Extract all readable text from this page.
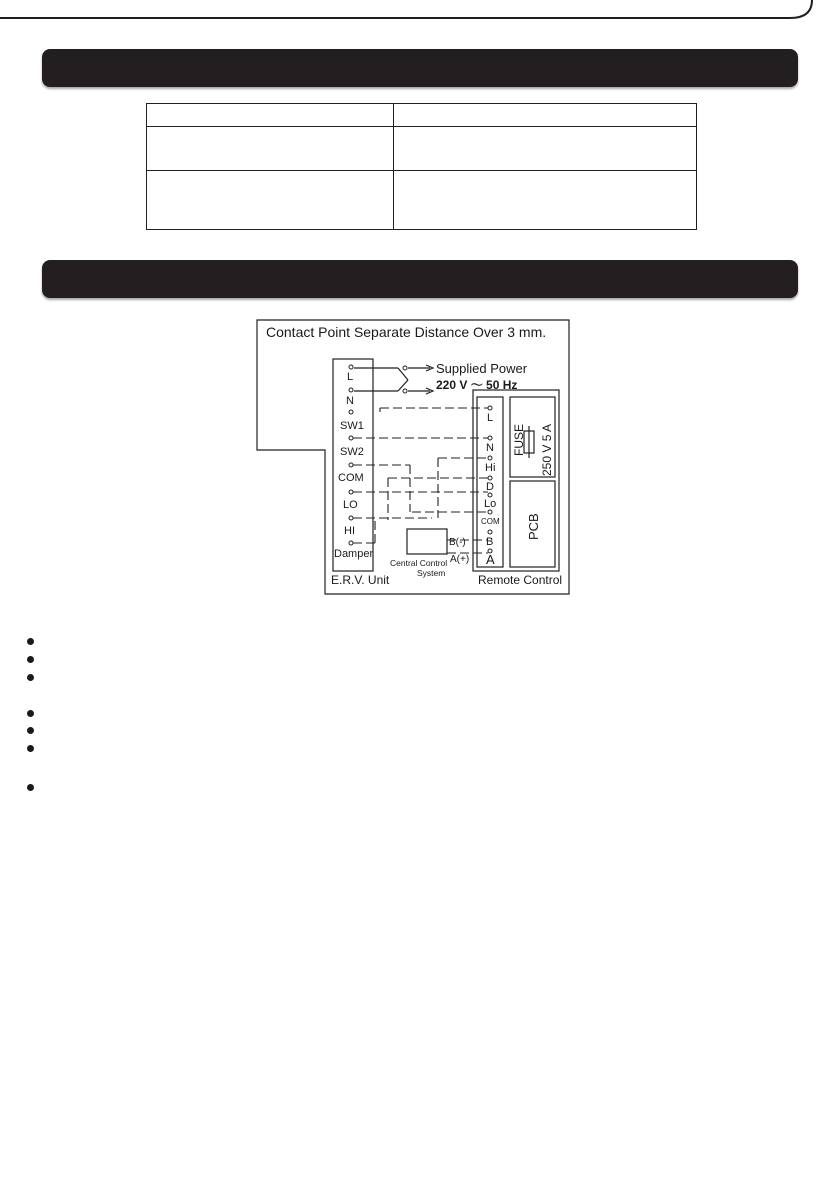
Contact Point Separate Distance Over 3 mm.
Supplied Power
220 V ～ 50 Hz
L
N
SW1
SW2
COM
LO
HI
Damper
E.R.V. Unit
L
N
Hi
D
Lo
COM
B
A
Remote Control
FUSE 250 V 5 A
PCB
Central Control
System
B(-)
A(+)
